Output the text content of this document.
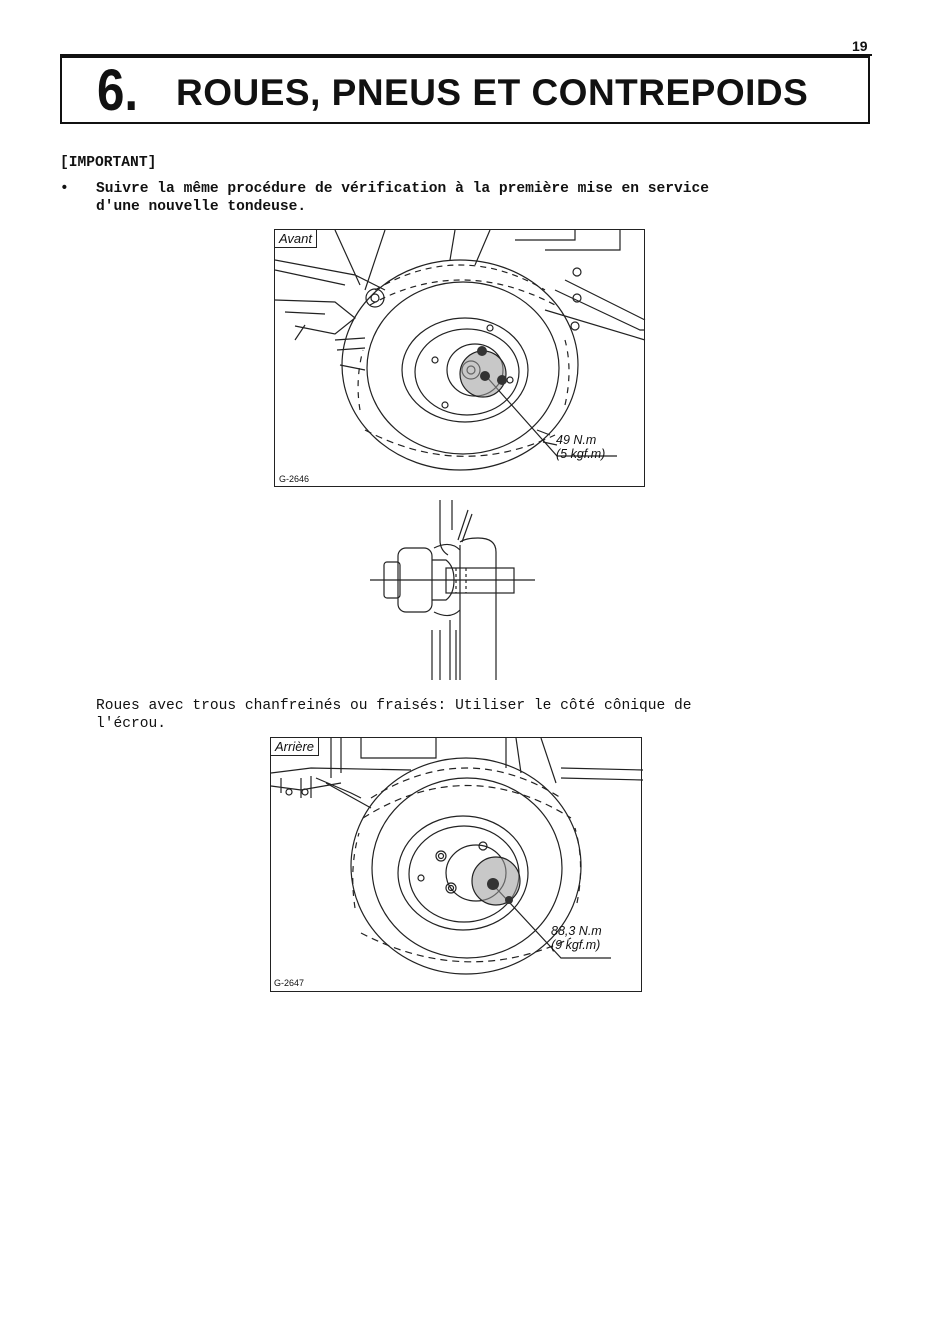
19
6. ROUES, PNEUS ET CONTREPOIDS
[IMPORTANT]
• Suivre la même procédure de vérification à la première mise en service
d'une nouvelle tondeuse.
Avant
49 N.m
(5 kgf.m)
G-2646
Roues avec trous chanfreinés ou fraisés: Utiliser le côté cônique de
l'écrou.
Arrière
88,3 N.m
(9 kgf.m)
G-2647
